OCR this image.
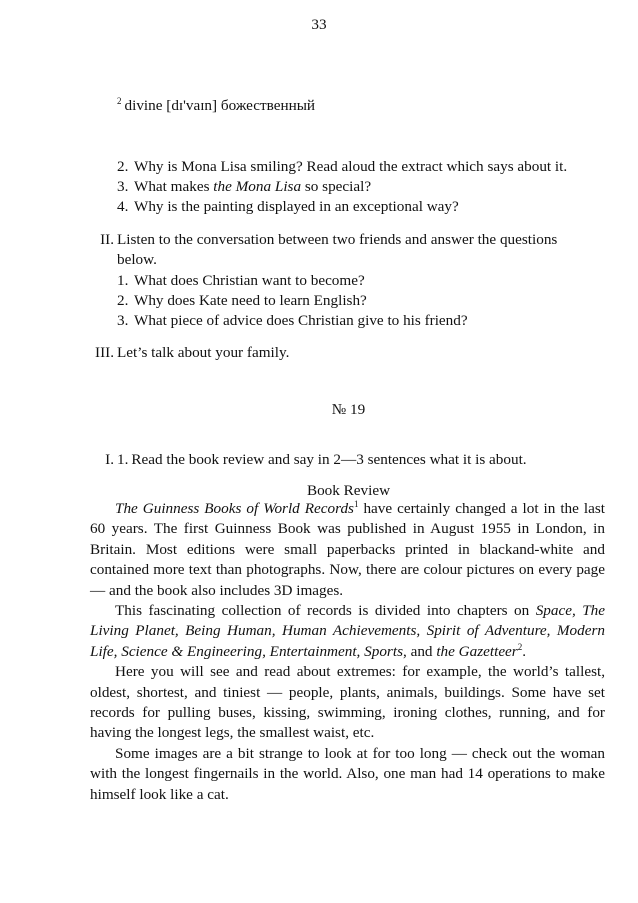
33
$^2$ divine [dɪ'vaɪn] божественный
2. Why is Mona Lisa smiling? Read aloud the extract which says about it.
3. What makes the Mona Lisa so special?
4. Why is the painting displayed in an exceptional way?
II. Listen to the conversation between two friends and answer the questions
below.
1. What does Christian want to become?
2. Why does Kate need to learn English?
3. What piece of advice does Christian give to his friend?
III. Let’s talk about your family.
№ 19
I. 1. Read the book review and say in 2—3 sentences what it is about.
Book Review

The Guinness Books of World Records$^1$ have certainly changed a lot in the last 60 years. The first Guinness Book was published in August 1955 in London, in Britain. Most editions were small paperbacks printed in blackand-white and contained more text than photographs. Now, there are colour pictures on every page — and the book also includes 3D images.

This fascinating collection of records is divided into chapters on Space, The Living Planet, Being Human, Human Achievements, Spirit of Adventure, Modern Life, Science & Engineering, Entertainment, Sports, and the Gazetteer$^2$.

Here you will see and read about extremes: for example, the world’s tallest, oldest, shortest, and tiniest — people, plants, animals, buildings. Some have set records for pulling buses, kissing, swimming, ironing clothes, running, and for having the longest legs, the smallest waist, etc.

Some images are a bit strange to look at for too long — check out the woman with the longest fingernails in the world. Also, one man had 14 operations to make himself look like a cat.
